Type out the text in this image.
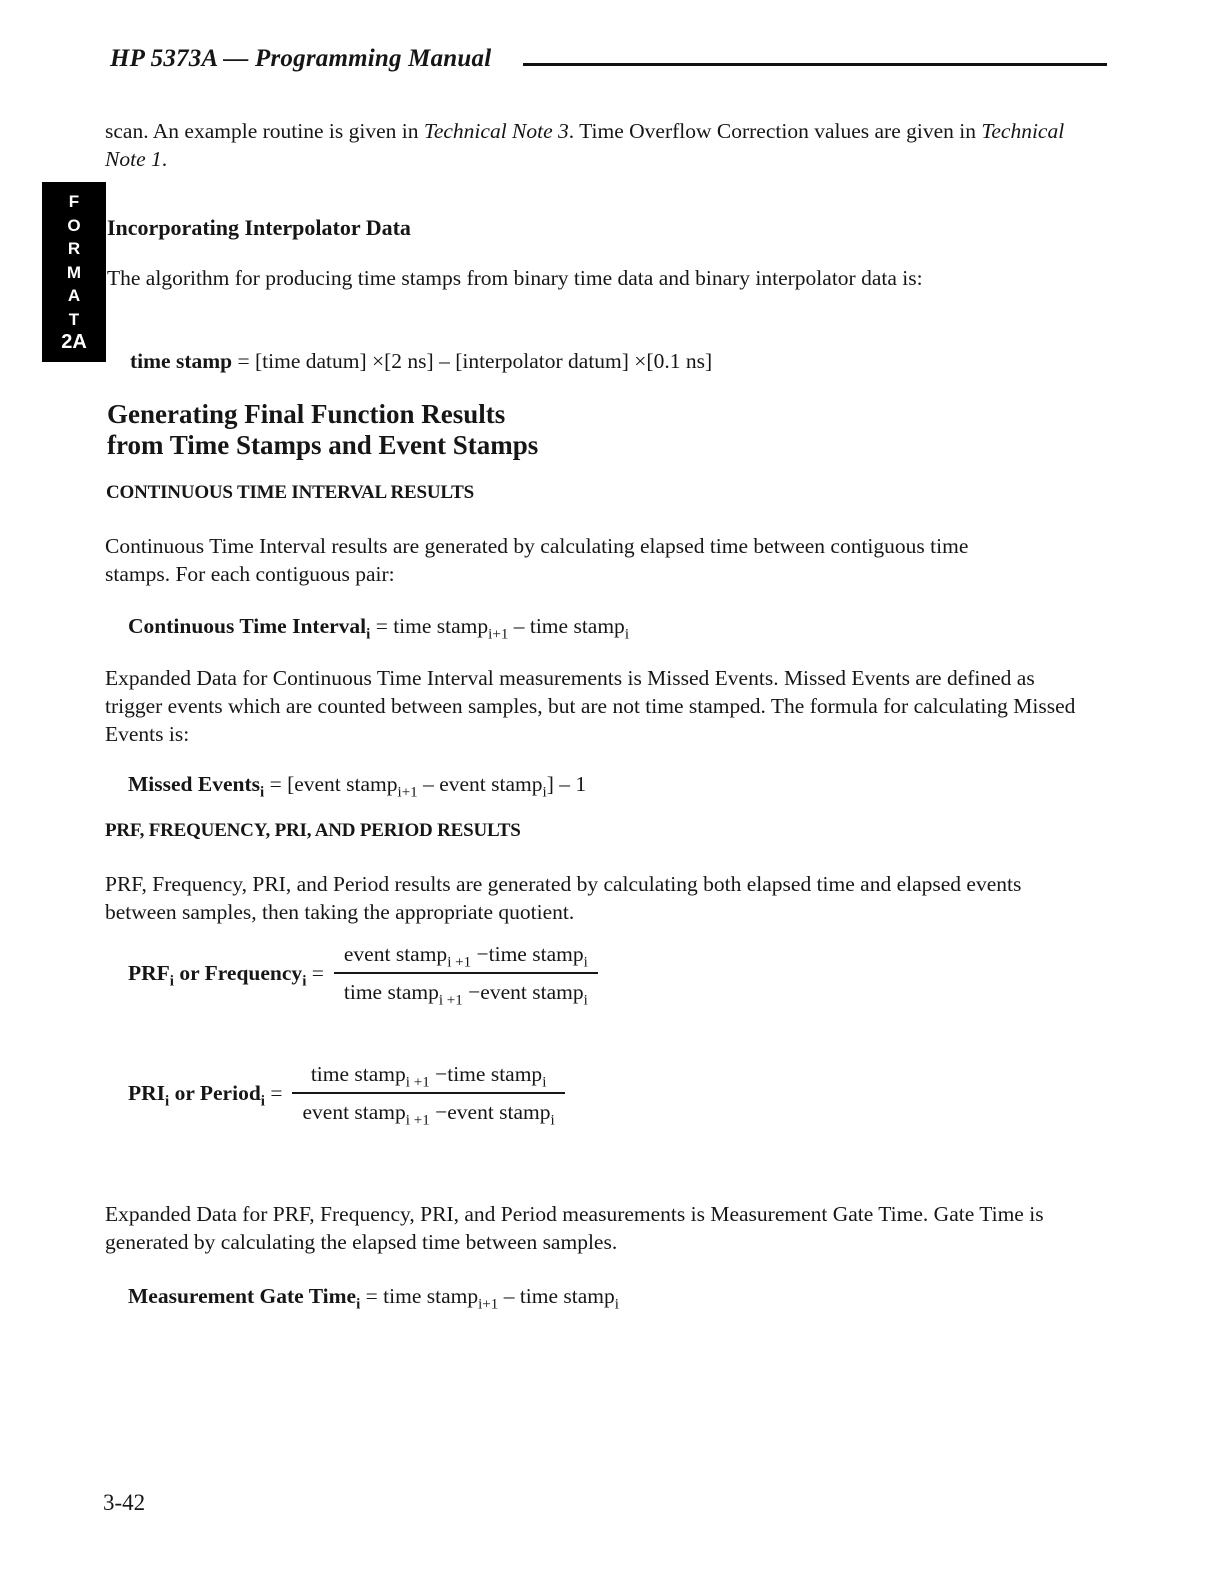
HP 5373A — Programming Manual

scan. An example routine is given in Technical Note 3. Time Overflow Correction values are given in Technical Note 1.

F
O
R
M
A
T
2A
Incorporating Interpolator Data

The algorithm for producing time stamps from binary time data and binary interpolator data is:

time stamp = [time datum] ×[2 ns] – [interpolator datum] ×[0.1 ns]
Generating Final Function Results
from Time Stamps and Event Stamps
CONTINUOUS TIME INTERVAL RESULTS

Continuous Time Interval results are generated by calculating elapsed time between contiguous time stamps. For each contiguous pair:

Continuous Time Interval$_i$ = time stamp$_{i+1}$ – time stamp$_i$

Expanded Data for Continuous Time Interval measurements is Missed Events. Missed Events are defined as trigger events which are counted between samples, but are not time stamped. The formula for calculating Missed Events is:

Missed Events$_i$ = [event stamp$_{i+1}$ – event stamp$_i$] – 1
PRF, FREQUENCY, PRI, AND PERIOD RESULTS

PRF, Frequency, PRI, and Period results are generated by calculating both elapsed time and elapsed events between samples, then taking the appropriate quotient.

$PRF_i$ or Frequency$_i$ = $\frac{event stamp_{i +1} -time stamp_i}{time stamp_{i +1} -event stamp_i}$
$PRI_i$ or Period$_i$ = $\frac{time stamp_{i +1} -time stamp_i}{event stamp_{i +1} -event stamp_i}$

Expanded Data for PRF, Frequency, PRI, and Period measurements is Measurement Gate Time. Gate Time is generated by calculating the elapsed time between samples.

Measurement Gate Time$_i$ = time stamp$_{i+1}$ – time stamp$_i$
3-42
